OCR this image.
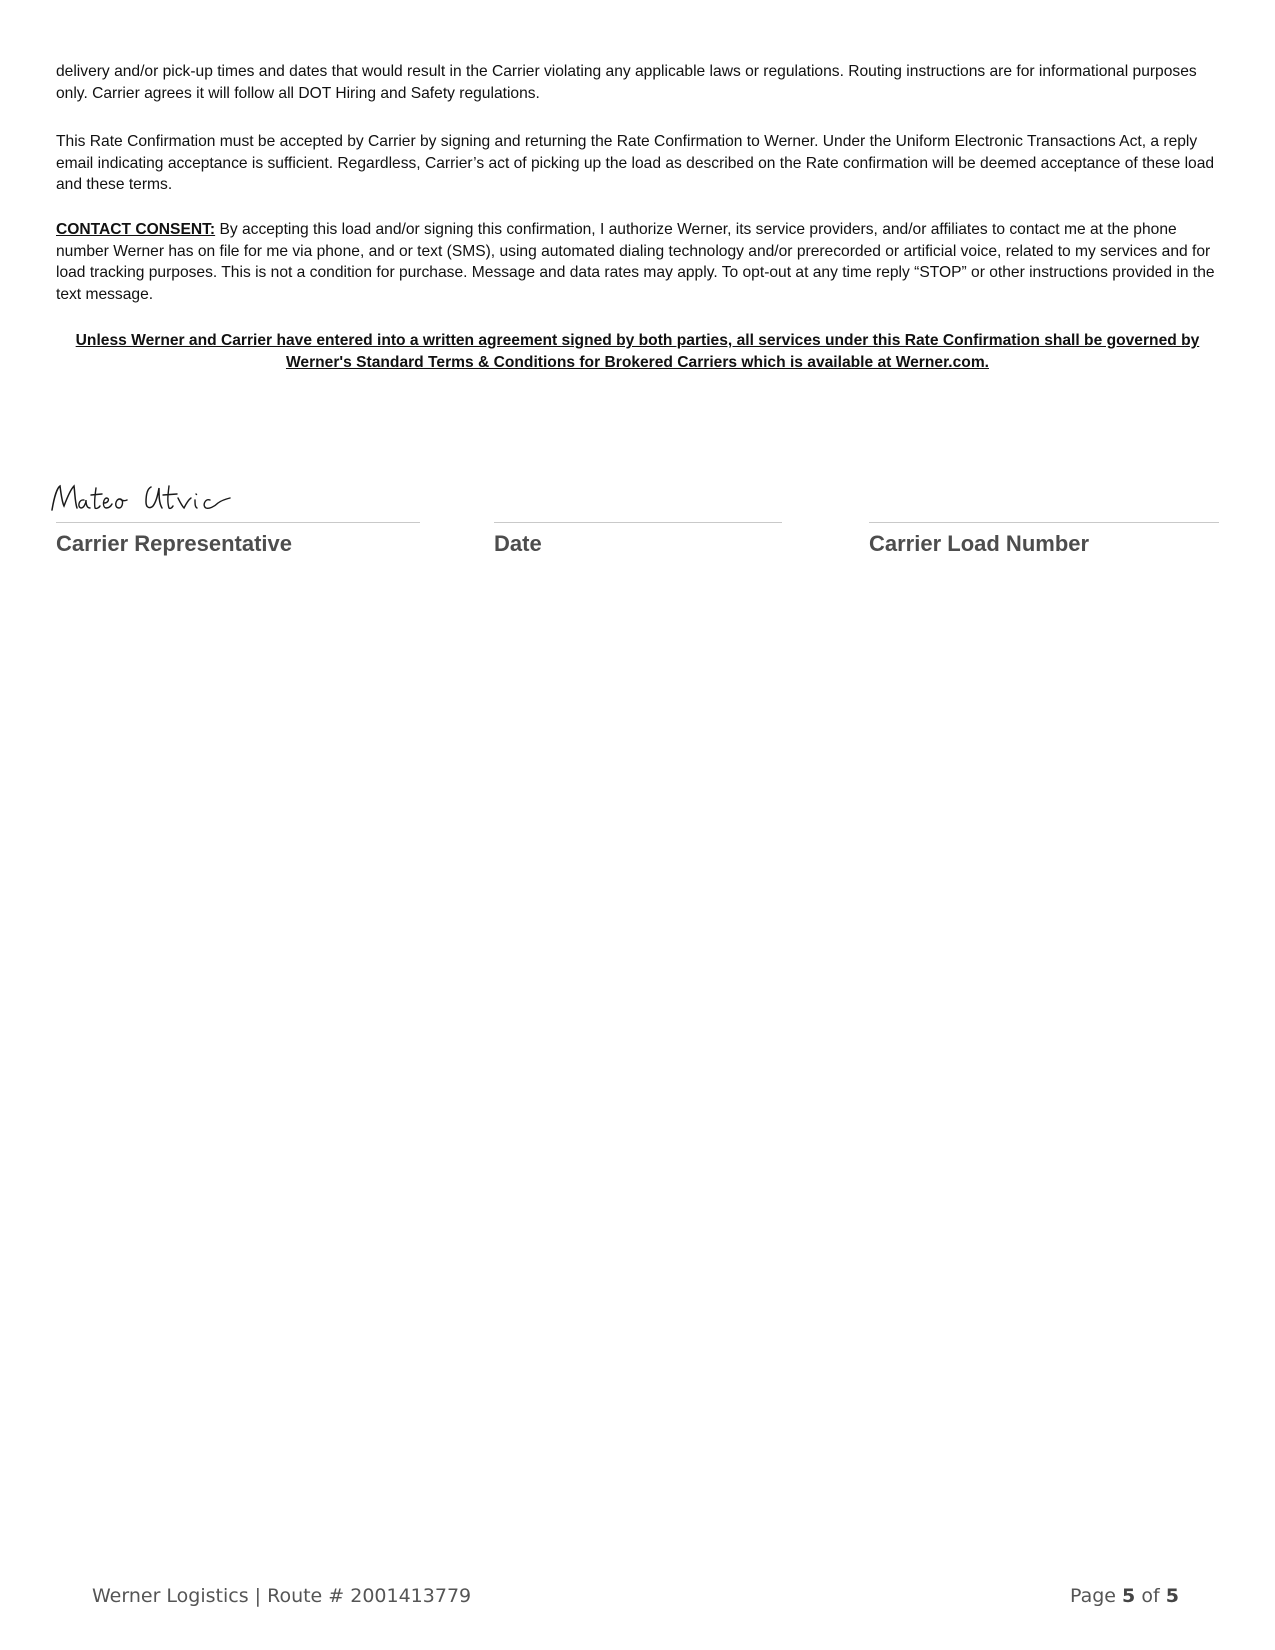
delivery and/or pick-up times and dates that would result in the Carrier violating any applicable laws or regulations. Routing instructions are for informational purposes only. Carrier agrees it will follow all DOT Hiring and Safety regulations.

This Rate Confirmation must be accepted by Carrier by signing and returning the Rate Confirmation to Werner. Under the Uniform Electronic Transactions Act, a reply email indicating acceptance is sufficient. Regardless, Carrier’s act of picking up the load as described on the Rate confirmation will be deemed acceptance of these load and these terms.

CONTACT CONSENT: By accepting this load and/or signing this confirmation, I authorize Werner, its service providers, and/or affiliates to contact me at the phone number Werner has on file for me via phone, and or text (SMS), using automated dialing technology and/or prerecorded or artificial voice, related to my services and for load tracking purposes. This is not a condition for purchase. Message and data rates may apply. To opt-out at any time reply “STOP” or other instructions provided in the text message.

Unless Werner and Carrier have entered into a written agreement signed by both parties, all services under this Rate Confirmation shall be governed by Werner's Standard Terms & Conditions for Brokered Carriers which is available at Werner.com.

Carrier Representative	Date	Carrier Load Number
Werner Logistics | Route # 2001413779	Page 5 of 5
